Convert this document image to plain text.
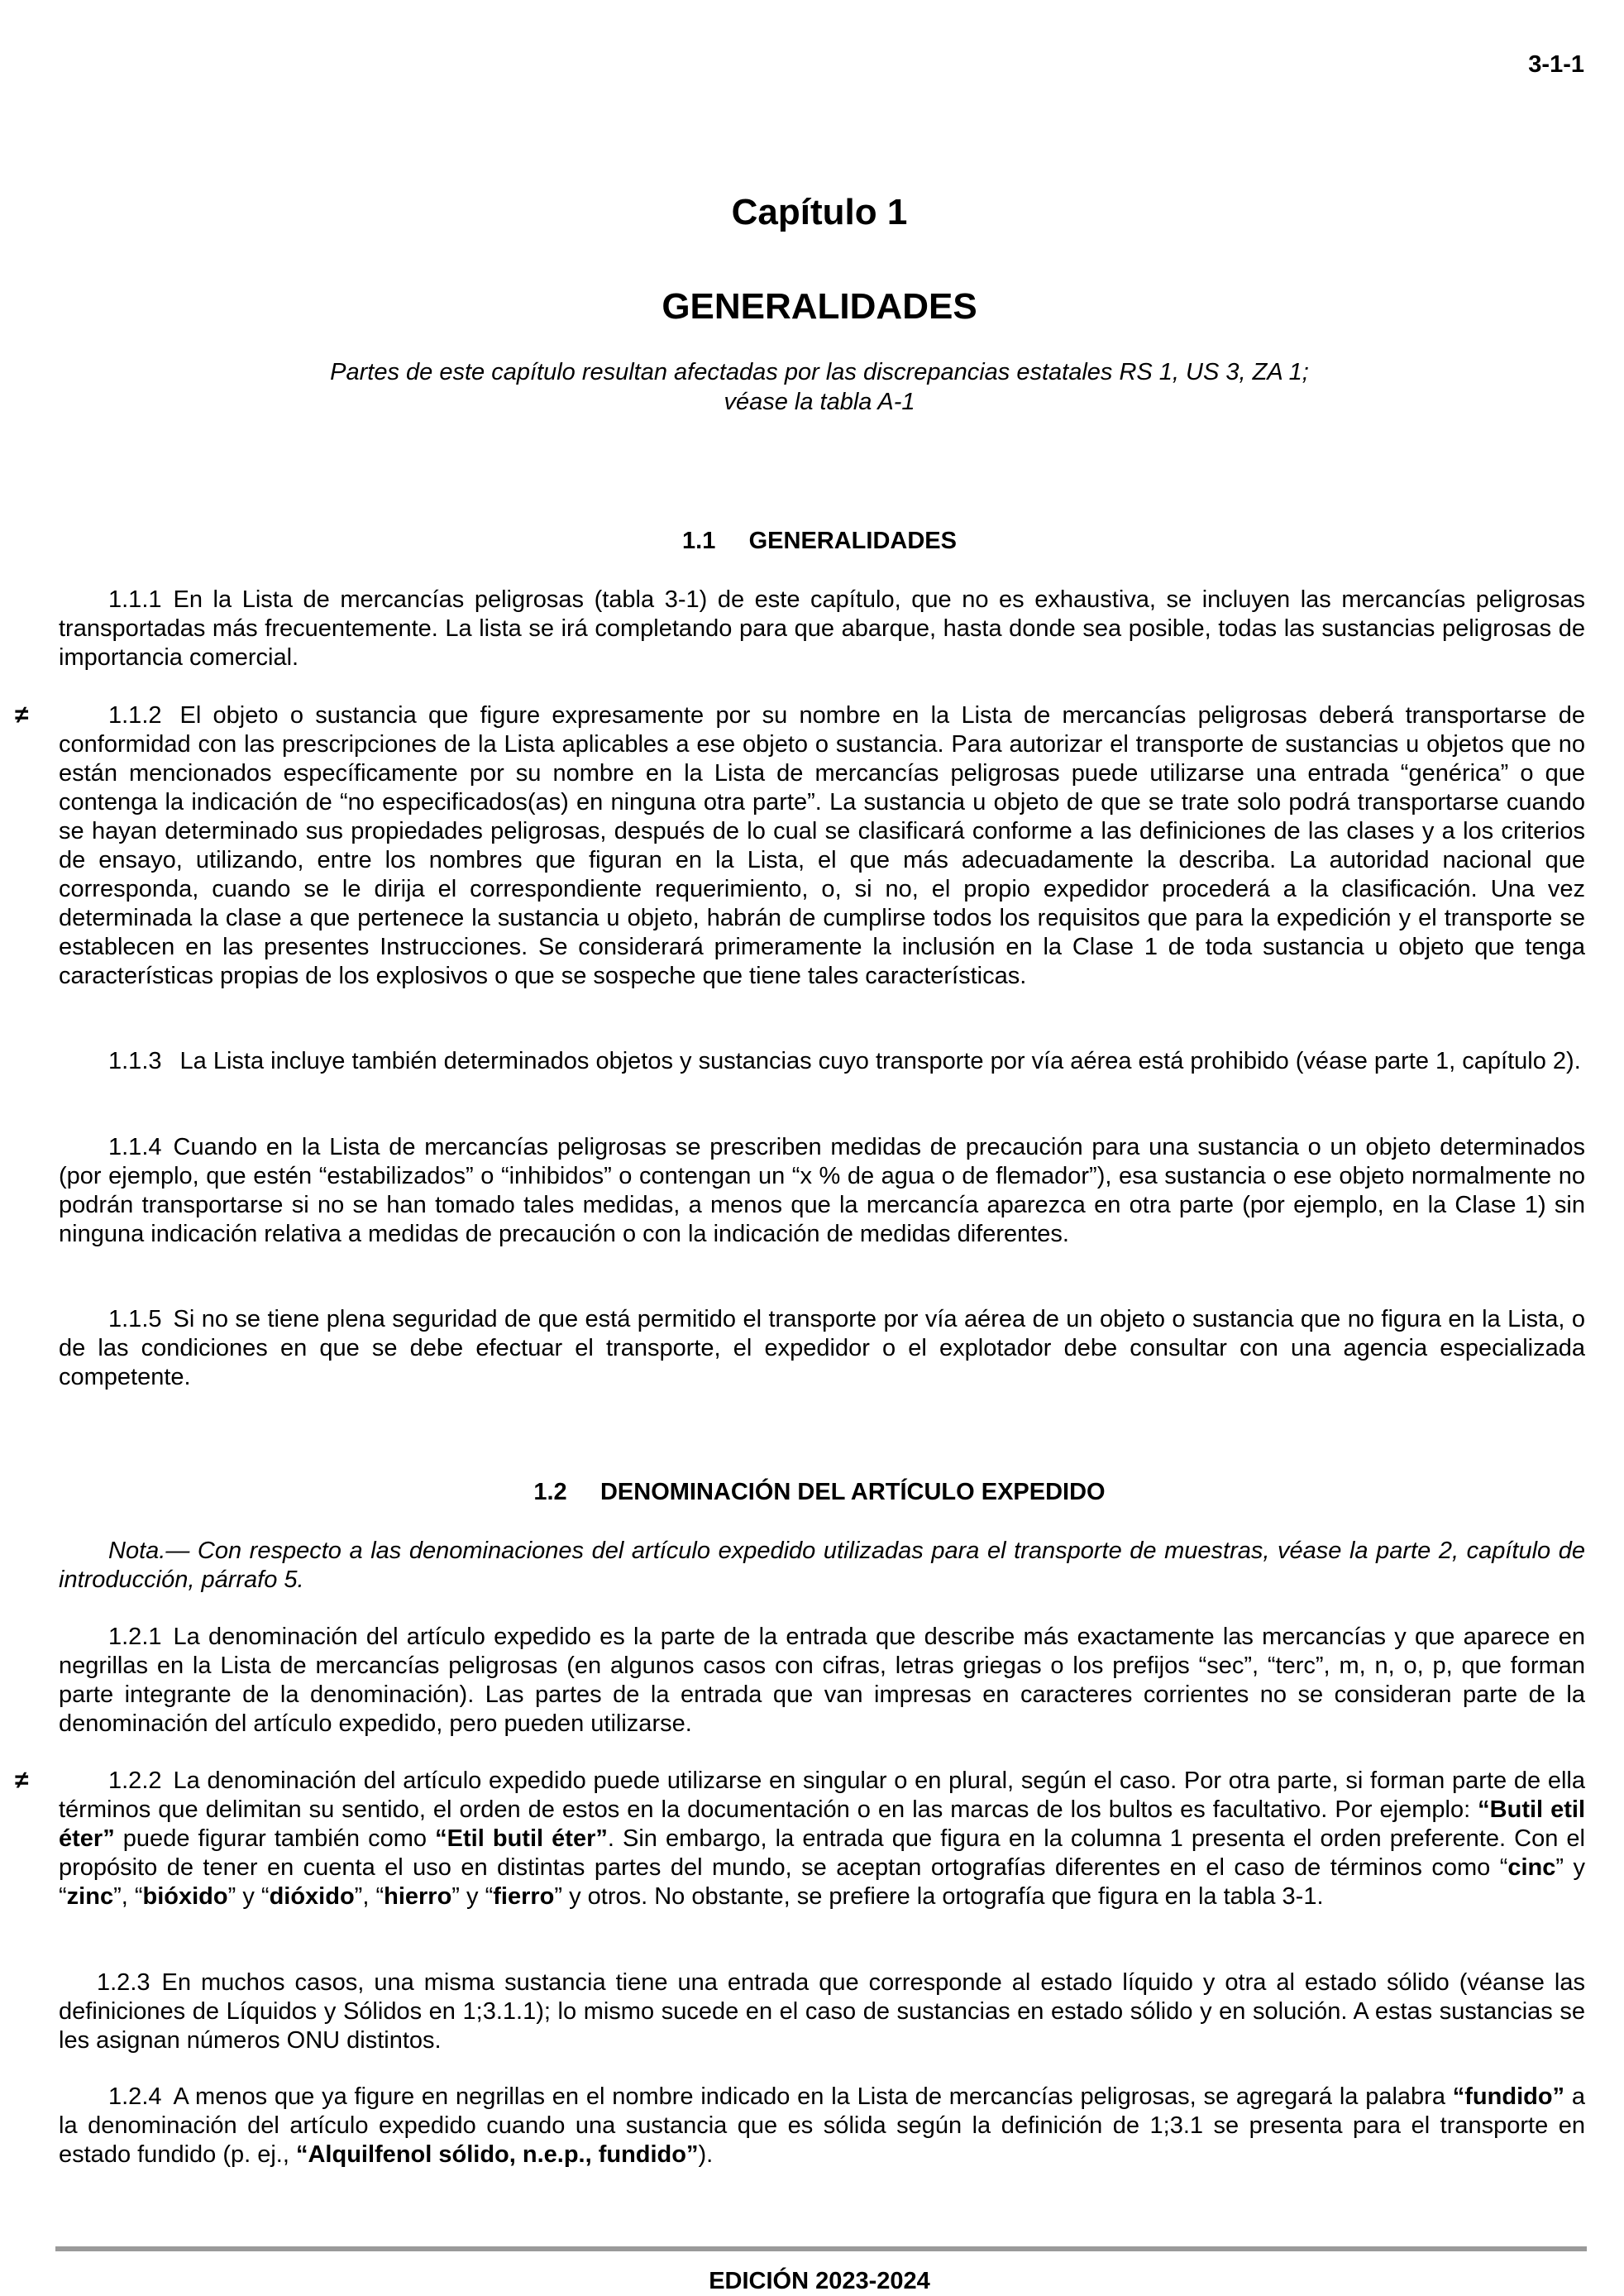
3-1-1
Capítulo 1
GENERALIDADES

Partes de este capítulo resultan afectadas por las discrepancias estatales RS 1, US 3, ZA 1;
véase la tabla A-1

1.1     GENERALIDADES

1.1.1 En la Lista de mercancías peligrosas (tabla 3-1) de este capítulo, que no es exhaustiva, se incluyen las mercancías peligrosas transportadas más frecuentemente. La lista se irá completando para que abarque, hasta donde sea posible, todas las sustancias peligrosas de importancia comercial.

≠	1.1.2 El objeto o sustancia que figure expresamente por su nombre en la Lista de mercancías peligrosas deberá transportarse de conformidad con las prescripciones de la Lista aplicables a ese objeto o sustancia. Para autorizar el transporte de sustancias u objetos que no están mencionados específicamente por su nombre en la Lista de mercancías peligrosas puede utilizarse una entrada “genérica” o que contenga la indicación de “no especificados(as) en ninguna otra parte”. La sustancia u objeto de que se trate solo podrá transportarse cuando se hayan determinado sus propiedades peligrosas, después de lo cual se clasificará conforme a las definiciones de las clases y a los criterios de ensayo, utilizando, entre los nombres que figuran en la Lista, el que más adecuadamente la describa. La autoridad nacional que corresponda, cuando se le dirija el correspondiente requerimiento, o, si no, el propio expedidor procederá a la clasificación. Una vez determinada la clase a que pertenece la sustancia u objeto, habrán de cumplirse todos los requisitos que para la expedición y el transporte se establecen en las presentes Instrucciones. Se considerará primeramente la inclusión en la Clase 1 de toda sustancia u objeto que tenga características propias de los explosivos o que se sospeche que tiene tales características.

1.1.3 La Lista incluye también determinados objetos y sustancias cuyo transporte por vía aérea está prohibido (véase parte 1, capítulo 2).

1.1.4 Cuando en la Lista de mercancías peligrosas se prescriben medidas de precaución para una sustancia o un objeto determinados (por ejemplo, que estén “estabilizados” o “inhibidos” o contengan un “x % de agua o de flemador”), esa sustancia o ese objeto normalmente no podrán transportarse si no se han tomado tales medidas, a menos que la mercancía aparezca en otra parte (por ejemplo, en la Clase 1) sin ninguna indicación relativa a medidas de precaución o con la indicación de medidas diferentes.

1.1.5 Si no se tiene plena seguridad de que está permitido el transporte por vía aérea de un objeto o sustancia que no figura en la Lista, o de las condiciones en que se debe efectuar el transporte, el expedidor o el explotador debe consultar con una agencia especializada competente.

1.2     DENOMINACIÓN DEL ARTÍCULO EXPEDIDO

Nota.— Con respecto a las denominaciones del artículo expedido utilizadas para el transporte de muestras, véase la parte 2, capítulo de introducción, párrafo 5.

1.2.1 La denominación del artículo expedido es la parte de la entrada que describe más exactamente las mercancías y que aparece en negrillas en la Lista de mercancías peligrosas (en algunos casos con cifras, letras griegas o los prefijos “sec”, “terc”, m, n, o, p, que forman parte integrante de la denominación). Las partes de la entrada que van impresas en caracteres corrientes no se consideran parte de la denominación del artículo expedido, pero pueden utilizarse.

≠	1.2.2 La denominación del artículo expedido puede utilizarse en singular o en plural, según el caso. Por otra parte, si forman parte de ella términos que delimitan su sentido, el orden de estos en la documentación o en las marcas de los bultos es facultativo. Por ejemplo: “Butil etil éter” puede figurar también como “Etil butil éter”. Sin embargo, la entrada que figura en la columna 1 presenta el orden preferente. Con el propósito de tener en cuenta el uso en distintas partes del mundo, se aceptan ortografías diferentes en el caso de términos como “cinc” y “zinc”, “bióxido” y “dióxido”, “hierro” y “fierro” y otros. No obstante, se prefiere la ortografía que figura en la tabla 3-1.

1.2.3 En muchos casos, una misma sustancia tiene una entrada que corresponde al estado líquido y otra al estado sólido (véanse las definiciones de Líquidos y Sólidos en 1;3.1.1); lo mismo sucede en el caso de sustancias en estado sólido y en solución. A estas sustancias se les asignan números ONU distintos.

1.2.4 A menos que ya figure en negrillas en el nombre indicado en la Lista de mercancías peligrosas, se agregará la palabra “fundido” a la denominación del artículo expedido cuando una sustancia que es sólida según la definición de 1;3.1 se presenta para el transporte en estado fundido (p. ej., “Alquilfenol sólido, n.e.p., fundido”).

EDICIÓN 2023-2024
